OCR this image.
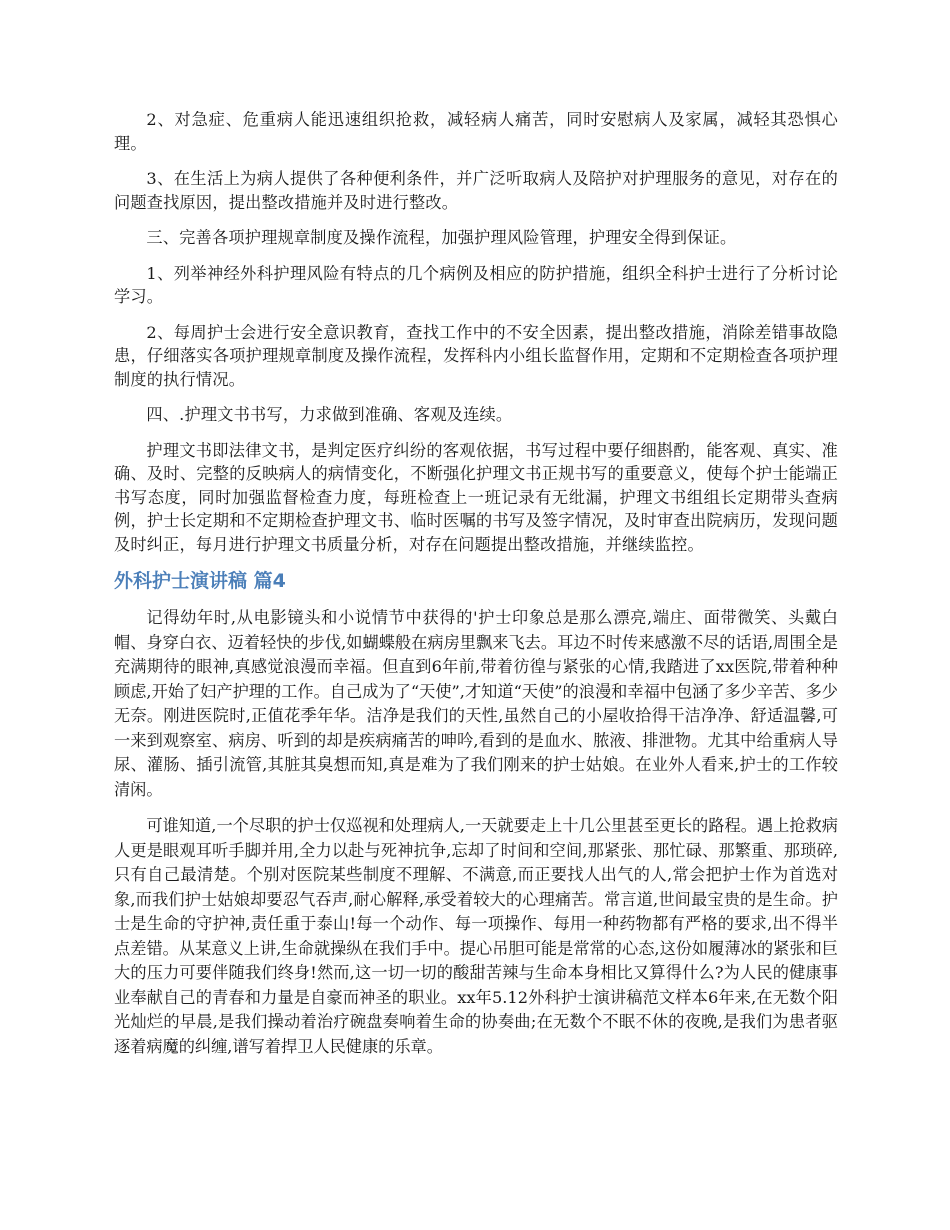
2、对急症、危重病人能迅速组织抢救，减轻病人痛苦，同时安慰病人及家属，减轻其恐惧心理。

3、在生活上为病人提供了各种便利条件，并广泛听取病人及陪护对护理服务的意见，对存在的问题查找原因，提出整改措施并及时进行整改。

三、完善各项护理规章制度及操作流程，加强护理风险管理，护理安全得到保证。

1、列举神经外科护理风险有特点的几个病例及相应的防护措施，组织全科护士进行了分析讨论学习。

2、每周护士会进行安全意识教育，查找工作中的不安全因素，提出整改措施，消除差错事故隐患，仔细落实各项护理规章制度及操作流程，发挥科内小组长监督作用，定期和不定期检查各项护理制度的执行情况。

四、.护理文书书写，力求做到准确、客观及连续。

护理文书即法律文书，是判定医疗纠纷的客观依据，书写过程中要仔细斟酌，能客观、真实、准确、及时、完整的反映病人的病情变化，不断强化护理文书正规书写的重要意义，使每个护士能端正书写态度，同时加强监督检查力度，每班检查上一班记录有无纰漏，护理文书组组长定期带头查病例，护士长定期和不定期检查护理文书、临时医嘱的书写及签字情况，及时审查出院病历，发现问题及时纠正，每月进行护理文书质量分析，对存在问题提出整改措施，并继续监控。

外科护士演讲稿 篇4

记得幼年时,从电影镜头和小说情节中获得的'护士印象总是那么漂亮,端庄、面带微笑、头戴白帽、身穿白衣、迈着轻快的步伐,如蝴蝶般在病房里飘来飞去。耳边不时传来感激不尽的话语,周围全是充满期待的眼神,真感觉浪漫而幸福。但直到6年前,带着彷徨与紧张的心情,我踏进了xx医院,带着种种顾虑,开始了妇产护理的工作。自己成为了“天使”,才知道“天使”的浪漫和幸福中包涵了多少辛苦、多少无奈。刚进医院时,正值花季年华。洁净是我们的天性,虽然自己的小屋收拾得干洁净净、舒适温馨,可一来到观察室、病房、听到的却是疾病痛苦的呻吟,看到的是血水、脓液、排泄物。尤其中给重病人导尿、灌肠、插引流管,其脏其臭想而知,真是难为了我们刚来的护士姑娘。在业外人看来,护士的工作较清闲。

可谁知道,一个尽职的护士仅巡视和处理病人,一天就要走上十几公里甚至更长的路程。遇上抢救病人更是眼观耳听手脚并用,全力以赴与死神抗争,忘却了时间和空间,那紧张、那忙碌、那繁重、那琐碎,只有自己最清楚。个别对医院某些制度不理解、不满意,而正要找人出气的人,常会把护士作为首选对象,而我们护士姑娘却要忍气吞声,耐心解释,承受着较大的心理痛苦。常言道,世间最宝贵的是生命。护士是生命的守护神,责任重于泰山!每一个动作、每一项操作、每用一种药物都有严格的要求,出不得半点差错。从某意义上讲,生命就操纵在我们手中。提心吊胆可能是常常的心态,这份如履薄冰的紧张和巨大的压力可要伴随我们终身!然而,这一切一切的酸甜苦辣与生命本身相比又算得什么?为人民的健康事业奉献自己的青春和力量是自豪而神圣的职业。xx年5.12外科护士演讲稿范文样本6年来,在无数个阳光灿烂的早晨,是我们操动着治疗碗盘奏响着生命的协奏曲;在无数个不眠不休的夜晚,是我们为患者驱逐着病魔的纠缠,谱写着捍卫人民健康的乐章。
